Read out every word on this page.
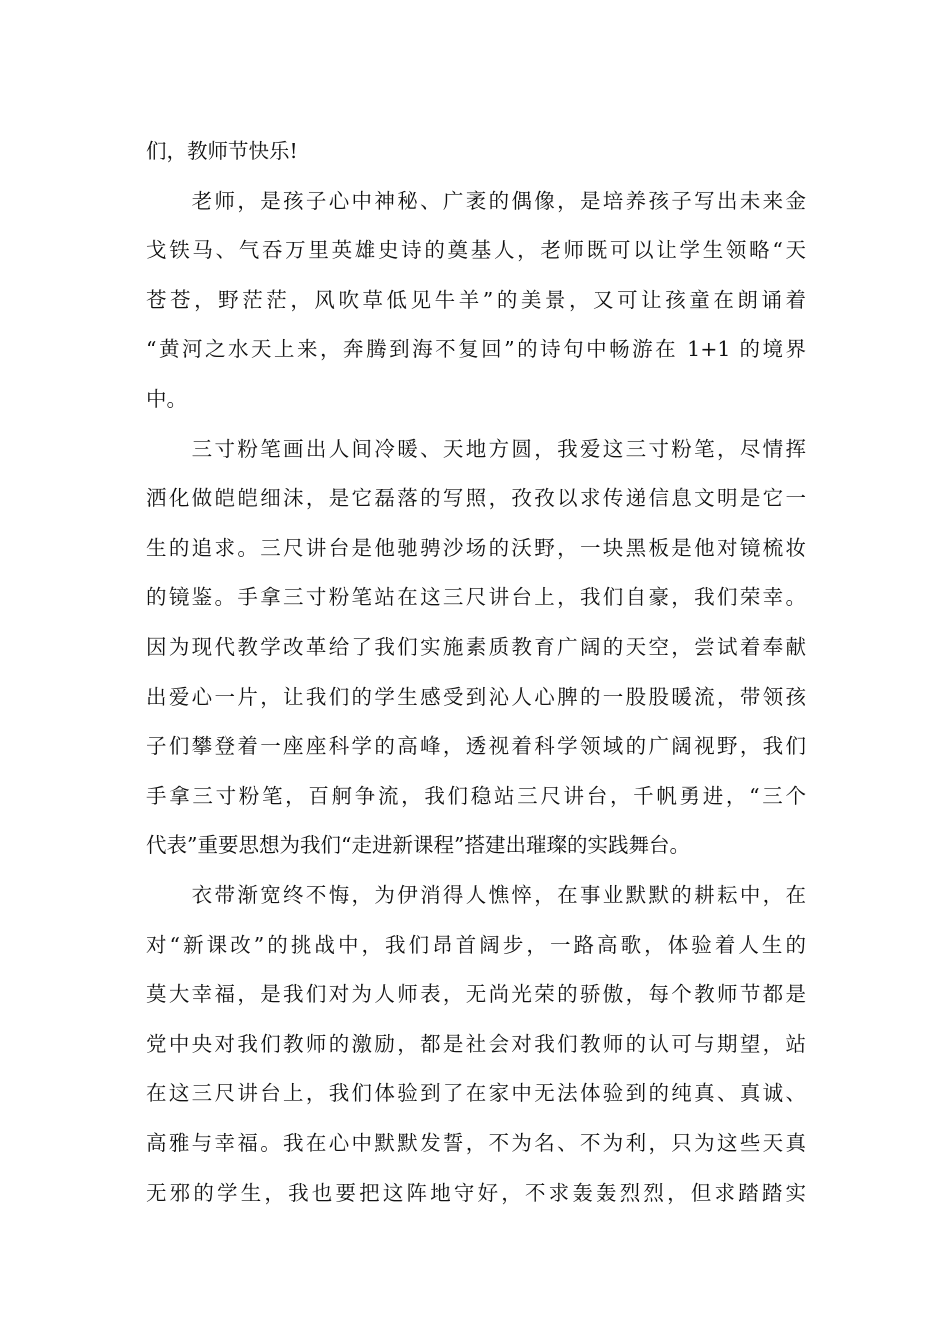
们，教师节快乐!
　　老师，是孩子心中神秘、广袤的偶像，是培养孩子写出未来金
戈铁马、气吞万里英雄史诗的奠基人，老师既可以让学生领略“天
苍苍，野茫茫，风吹草低见牛羊”的美景，又可让孩童在朗诵着
“黄河之水天上来，奔腾到海不复回”的诗句中畅游在 1+1 的境界
中。
　　三寸粉笔画出人间冷暖、天地方圆，我爱这三寸粉笔，尽情挥
洒化做皑皑细沫，是它磊落的写照，孜孜以求传递信息文明是它一
生的追求。三尺讲台是他驰骋沙场的沃野，一块黑板是他对镜梳妆
的镜鉴。手拿三寸粉笔站在这三尺讲台上，我们自豪，我们荣幸。
因为现代教学改革给了我们实施素质教育广阔的天空，尝试着奉献
出爱心一片，让我们的学生感受到沁人心脾的一股股暖流，带领孩
子们攀登着一座座科学的高峰，透视着科学领域的广阔视野，我们
手拿三寸粉笔，百舸争流，我们稳站三尺讲台，千帆勇进，“三个
代表”重要思想为我们“走进新课程”搭建出璀璨的实践舞台。
　　衣带渐宽终不悔，为伊消得人憔悴，在事业默默的耕耘中，在
对“新课改”的挑战中，我们昂首阔步，一路高歌，体验着人生的
莫大幸福，是我们对为人师表，无尚光荣的骄傲，每个教师节都是
党中央对我们教师的激励，都是社会对我们教师的认可与期望，站
在这三尺讲台上，我们体验到了在家中无法体验到的纯真、真诚、
高雅与幸福。我在心中默默发誓，不为名、不为利，只为这些天真
无邪的学生，我也要把这阵地守好，不求轰轰烈烈，但求踏踏实
